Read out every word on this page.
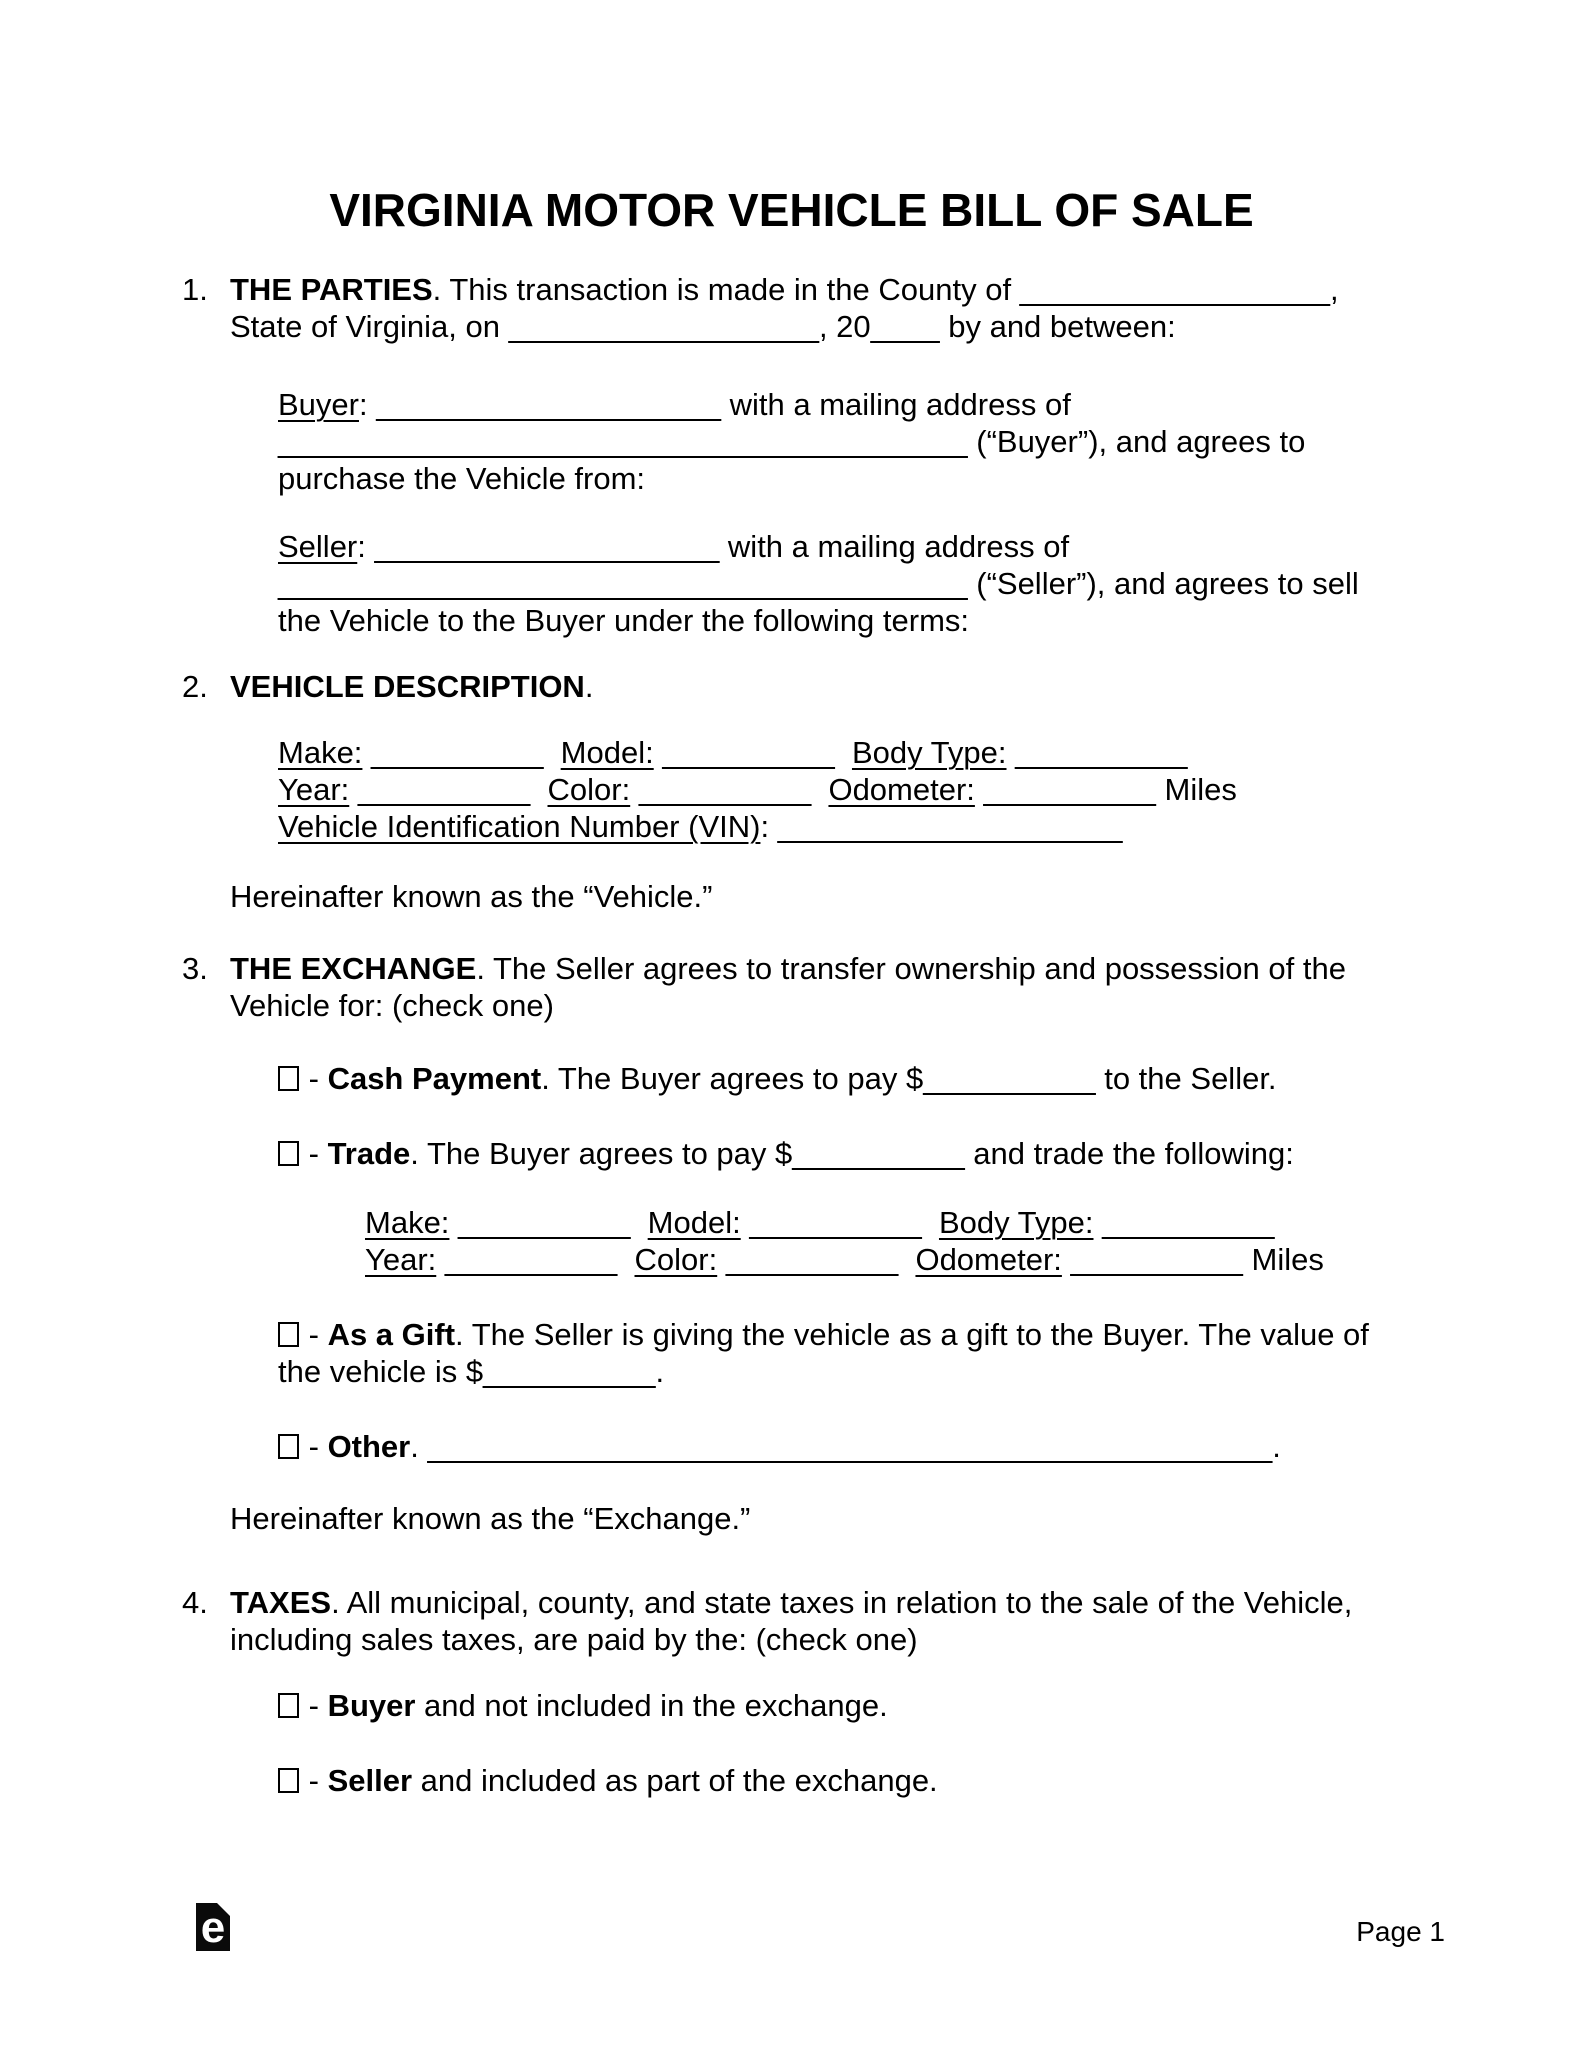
VIRGINIA MOTOR VEHICLE BILL OF SALE
1. THE PARTIES. This transaction is made in the County of __________________,
State of Virginia, on __________________, 20____ by and between:
Buyer: ____________________ with a mailing address of
________________________________________ (“Buyer”), and agrees to
purchase the Vehicle from:
Seller: ____________________ with a mailing address of
________________________________________ (“Seller”), and agrees to sell
the Vehicle to the Buyer under the following terms:
2. VEHICLE DESCRIPTION.
Make: __________  Model: __________  Body Type: __________
Year: __________  Color: __________  Odometer: __________ Miles
Vehicle Identification Number (VIN): ____________________
Hereinafter known as the “Vehicle.”
3. THE EXCHANGE. The Seller agrees to transfer ownership and possession of the
Vehicle for: (check one)
- Cash Payment. The Buyer agrees to pay $__________ to the Seller.
- Trade. The Buyer agrees to pay $__________ and trade the following:
Make: __________  Model: __________  Body Type: __________
Year: __________  Color: __________  Odometer: __________ Miles
- As a Gift. The Seller is giving the vehicle as a gift to the Buyer. The value of
the vehicle is $__________.
- Other. _________________________________________________.
Hereinafter known as the “Exchange.”
4. TAXES. All municipal, county, and state taxes in relation to the sale of the Vehicle,
including sales taxes, are paid by the: (check one)
- Buyer and not included in the exchange.
- Seller and included as part of the exchange.
e	Page 1
